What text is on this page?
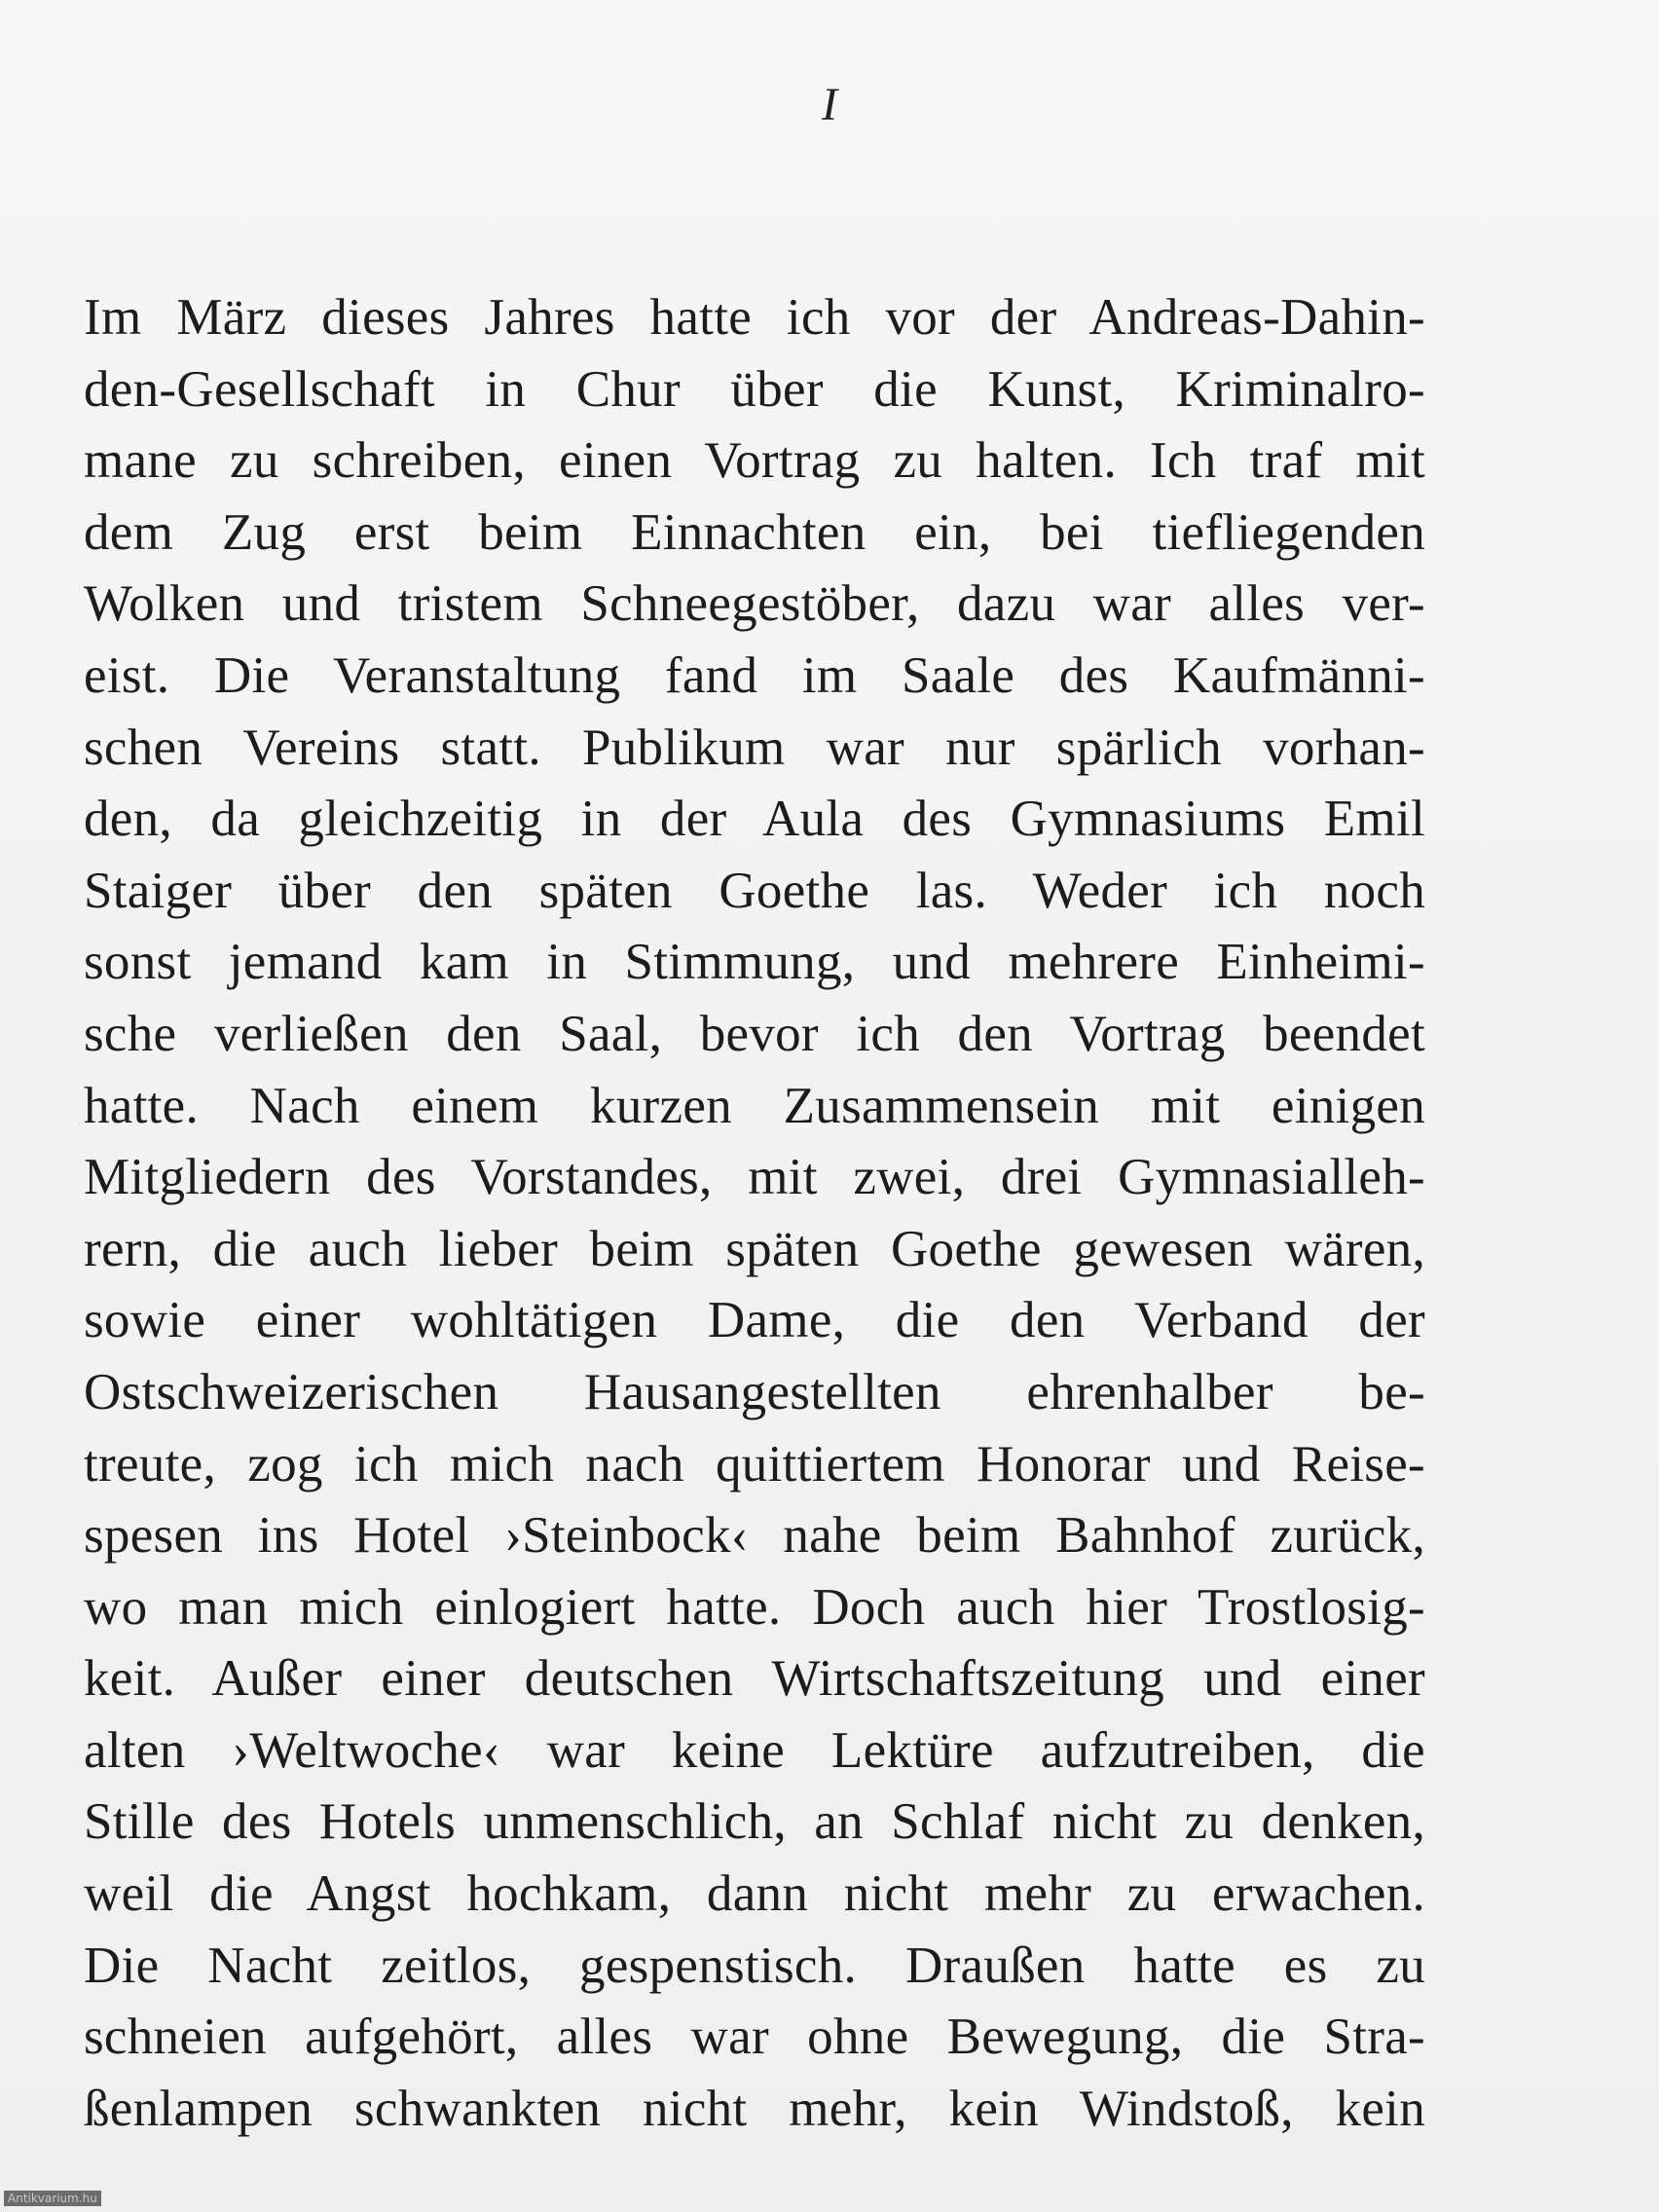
I
Im März dieses Jahres hatte ich vor der Andreas-Dahin-
den-Gesellschaft in Chur über die Kunst, Kriminalro-
mane zu schreiben, einen Vortrag zu halten. Ich traf mit
dem Zug erst beim Einnachten ein, bei tiefliegenden
Wolken und tristem Schneegestöber, dazu war alles ver-
eist. Die Veranstaltung fand im Saale des Kaufmänni-
schen Vereins statt. Publikum war nur spärlich vorhan-
den, da gleichzeitig in der Aula des Gymnasiums Emil
Staiger über den späten Goethe las. Weder ich noch
sonst jemand kam in Stimmung, und mehrere Einheimi-
sche verließen den Saal, bevor ich den Vortrag beendet
hatte. Nach einem kurzen Zusammensein mit einigen
Mitgliedern des Vorstandes, mit zwei, drei Gymnasialleh-
rern, die auch lieber beim späten Goethe gewesen wären,
sowie einer wohltätigen Dame, die den Verband der
Ostschweizerischen Hausangestellten ehrenhalber be-
treute, zog ich mich nach quittiertem Honorar und Reise-
spesen ins Hotel ›Steinbock‹ nahe beim Bahnhof zurück,
wo man mich einlogiert hatte. Doch auch hier Trostlosig-
keit. Außer einer deutschen Wirtschaftszeitung und einer
alten ›Weltwoche‹ war keine Lektüre aufzutreiben, die
Stille des Hotels unmenschlich, an Schlaf nicht zu denken,
weil die Angst hochkam, dann nicht mehr zu erwachen.
Die Nacht zeitlos, gespenstisch. Draußen hatte es zu
schneien aufgehört, alles war ohne Bewegung, die Stra-
ßenlampen schwankten nicht mehr, kein Windstoß, kein
Antikvarium.hu
